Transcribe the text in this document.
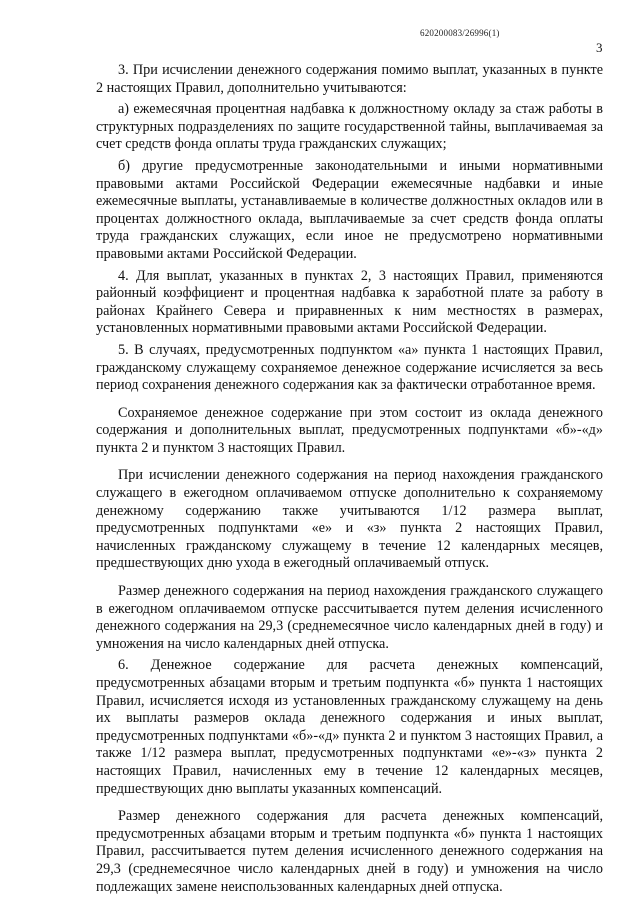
620200083/26996(1)
3

3. При исчислении денежного содержания помимо выплат, указанных в пункте 2 настоящих Правил, дополнительно учитываются:

а) ежемесячная процентная надбавка к должностному окладу за стаж работы в структурных подразделениях по защите государственной тайны, выплачиваемая за счет средств фонда оплаты труда гражданских служащих;

б) другие предусмотренные законодательными и иными нормативными правовыми актами Российской Федерации ежемесячные надбавки и иные ежемесячные выплаты, устанавливаемые в количестве должностных окладов или в процентах должностного оклада, выплачиваемые за счет средств фонда оплаты труда гражданских служащих, если иное не предусмотрено нормативными правовыми актами Российской Федерации.

4. Для выплат, указанных в пунктах 2, 3 настоящих Правил, применяются районный коэффициент и процентная надбавка к заработной плате за работу в районах Крайнего Севера и приравненных к ним местностях в размерах, установленных нормативными правовыми актами Российской Федерации.

5. В случаях, предусмотренных подпунктом «а» пункта 1 настоящих Правил, гражданскому служащему сохраняемое денежное содержание исчисляется за весь период сохранения денежного содержания как за фактически отработанное время.

Сохраняемое денежное содержание при этом состоит из оклада денежного содержания и дополнительных выплат, предусмотренных подпунктами «б»-«д» пункта 2 и пунктом 3 настоящих Правил.

При исчислении денежного содержания на период нахождения гражданского служащего в ежегодном оплачиваемом отпуске дополнительно к сохраняемому денежному содержанию также учитываются 1/12 размера выплат, предусмотренных подпунктами «е» и «з» пункта 2 настоящих Правил, начисленных гражданскому служащему в течение 12 календарных месяцев, предшествующих дню ухода в ежегодный оплачиваемый отпуск.

Размер денежного содержания на период нахождения гражданского служащего в ежегодном оплачиваемом отпуске рассчитывается путем деления исчисленного денежного содержания на 29,3 (среднемесячное число календарных дней в году) и умножения на число календарных дней отпуска.

6. Денежное содержание для расчета денежных компенсаций, предусмотренных абзацами вторым и третьим подпункта «б» пункта 1 настоящих Правил, исчисляется исходя из установленных гражданскому служащему на день их выплаты размеров оклада денежного содержания и иных выплат, предусмотренных подпунктами «б»-«д» пункта 2 и пунктом 3 настоящих Правил, а также 1/12 размера выплат, предусмотренных подпунктами «е»-«з» пункта 2 настоящих Правил, начисленных ему в течение 12 календарных месяцев, предшествующих дню выплаты указанных компенсаций.

Размер денежного содержания для расчета денежных компенсаций, предусмотренных абзацами вторым и третьим подпункта «б» пункта 1 настоящих Правил, рассчитывается путем деления исчисленного денежного содержания на 29,3 (среднемесячное число календарных дней в году) и умножения на число подлежащих замене неиспользованных календарных дней отпуска.
